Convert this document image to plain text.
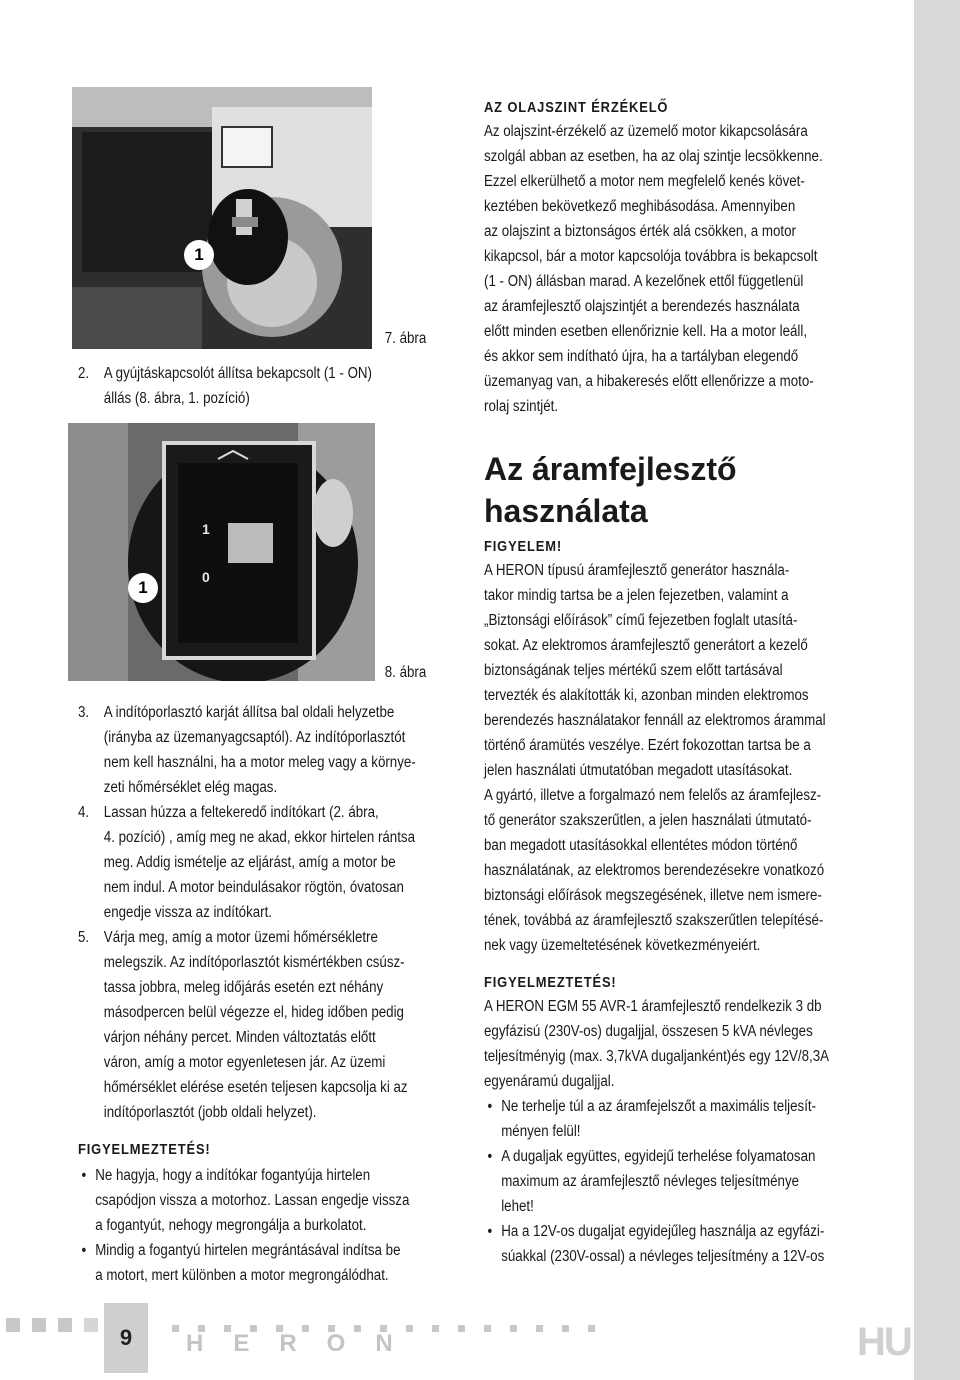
1
7. ábra
2. A gyújtáskapcsolót állítsa bekapcsolt (1 - ON)
állás (8. ábra, 1. pozíció)
1
0
1
8. ábra
3. A indítóporlasztó karját állítsa bal oldali helyzetbe
(irányba az üzemanyagcsaptól). Az indítóporlasztót
nem kell használni, ha a motor meleg vagy a környe-
zeti hőmérséklet elég magas.
4. Lassan húzza a feltekeredő indítókart (2. ábra,
4. pozíció) , amíg meg ne akad, ekkor hirtelen rántsa
meg. Addig ismételje az eljárást, amíg a motor be
nem indul. A motor beindulásakor rögtön, óvatosan
engedje vissza az indítókart.
5. Várja meg, amíg a motor üzemi hőmérsékletre
melegszik. Az indítóporlasztót kismértékben csúsz-
tassa jobbra, meleg időjárás esetén ezt néhány
másodpercen belül végezze el, hideg időben pedig
várjon néhány percet. Minden változtatás előtt
váron, amíg a motor egyenletesen jár. Az üzemi
hőmérséklet elérése esetén teljesen kapcsolja ki az
indítóporlasztót (jobb oldali helyzet).
FIGYELMEZTETÉS!
• Ne hagyja, hogy a indítókar fogantyúja hirtelen
csapódjon vissza a motorhoz. Lassan engedje vissza
a fogantyút, nehogy megrongálja a burkolatot.
• Mindig a fogantyú hirtelen megrántásával indítsa be
a motort, mert különben a motor megrongálódhat.
AZ OLAJSZINT ÉRZÉKELŐ
Az olajszint-érzékelő az üzemelő motor kikapcsolására
szolgál abban az esetben, ha az olaj szintje lecsökkenne.
Ezzel elkerülhető a motor nem megfelelő kenés követ-
keztében bekövetkező meghibásodása. Amennyiben
az olajszint a biztonságos érték alá csökken, a motor
kikapcsol, bár a motor kapcsolója továbbra is bekapcsolt
(1 - ON) állásban marad. A kezelőnek ettől függetlenül
az áramfejlesztő olajszintjét a berendezés használata
előtt minden esetben ellenőriznie kell. Ha a motor leáll,
és akkor sem indítható újra, ha a tartályban elegendő
üzemanyag van, a hibakeresés előtt ellenőrizze a moto-
rolaj szintjét.
Az áramfejlesztő
használata
FIGYELEM!
A HERON típusú áramfejlesztő generátor használa-
takor mindig tartsa be a jelen fejezetben, valamint a
„Biztonsági előírások” című fejezetben foglalt utasítá-
sokat. Az elektromos áramfejlesztő generátort a kezelő
biztonságának teljes mértékű szem előtt tartásával
tervezték és alakították ki, azonban minden elektromos
berendezés használatakor fennáll az elektromos árammal
történő áramütés veszélye. Ezért fokozottan tartsa be a
jelen használati útmutatóban megadott utasításokat.
A gyártó, illetve a forgalmazó nem felelős az áramfejlesz-
tő generátor szakszerűtlen, a jelen használati útmutató-
ban megadott utasításokkal ellentétes módon történő
használatának, az elektromos berendezésekre vonatkozó
biztonsági előírások megszegésének, illetve nem ismere-
tének, továbbá az áramfejlesztő szakszerűtlen telepítésé-
nek vagy üzemeltetésének következményeiért.
FIGYELMEZTETÉS!
A HERON EGM 55 AVR-1 áramfejlesztő rendelkezik 3 db
egyfázisú (230V-os) dugaljjal, összesen 5 kVA névleges
teljesítményig (max. 3,7kVA dugaljanként)és egy 12V/8,3A
egyenáramú dugaljjal.
• Ne terhelje túl a az áramfejelszőt a maximális teljesít-
ményen felül!
• A dugaljak együttes, egyidejű terhelése folyamatosan
maximum az áramfejlesztő névleges teljesítménye
lehet!
• Ha a 12V-os dugaljat egyidejűleg használja az egyfázi-
súakkal (230V-ossal) a névleges teljesítmény a 12V-os
9	HERON	HU
